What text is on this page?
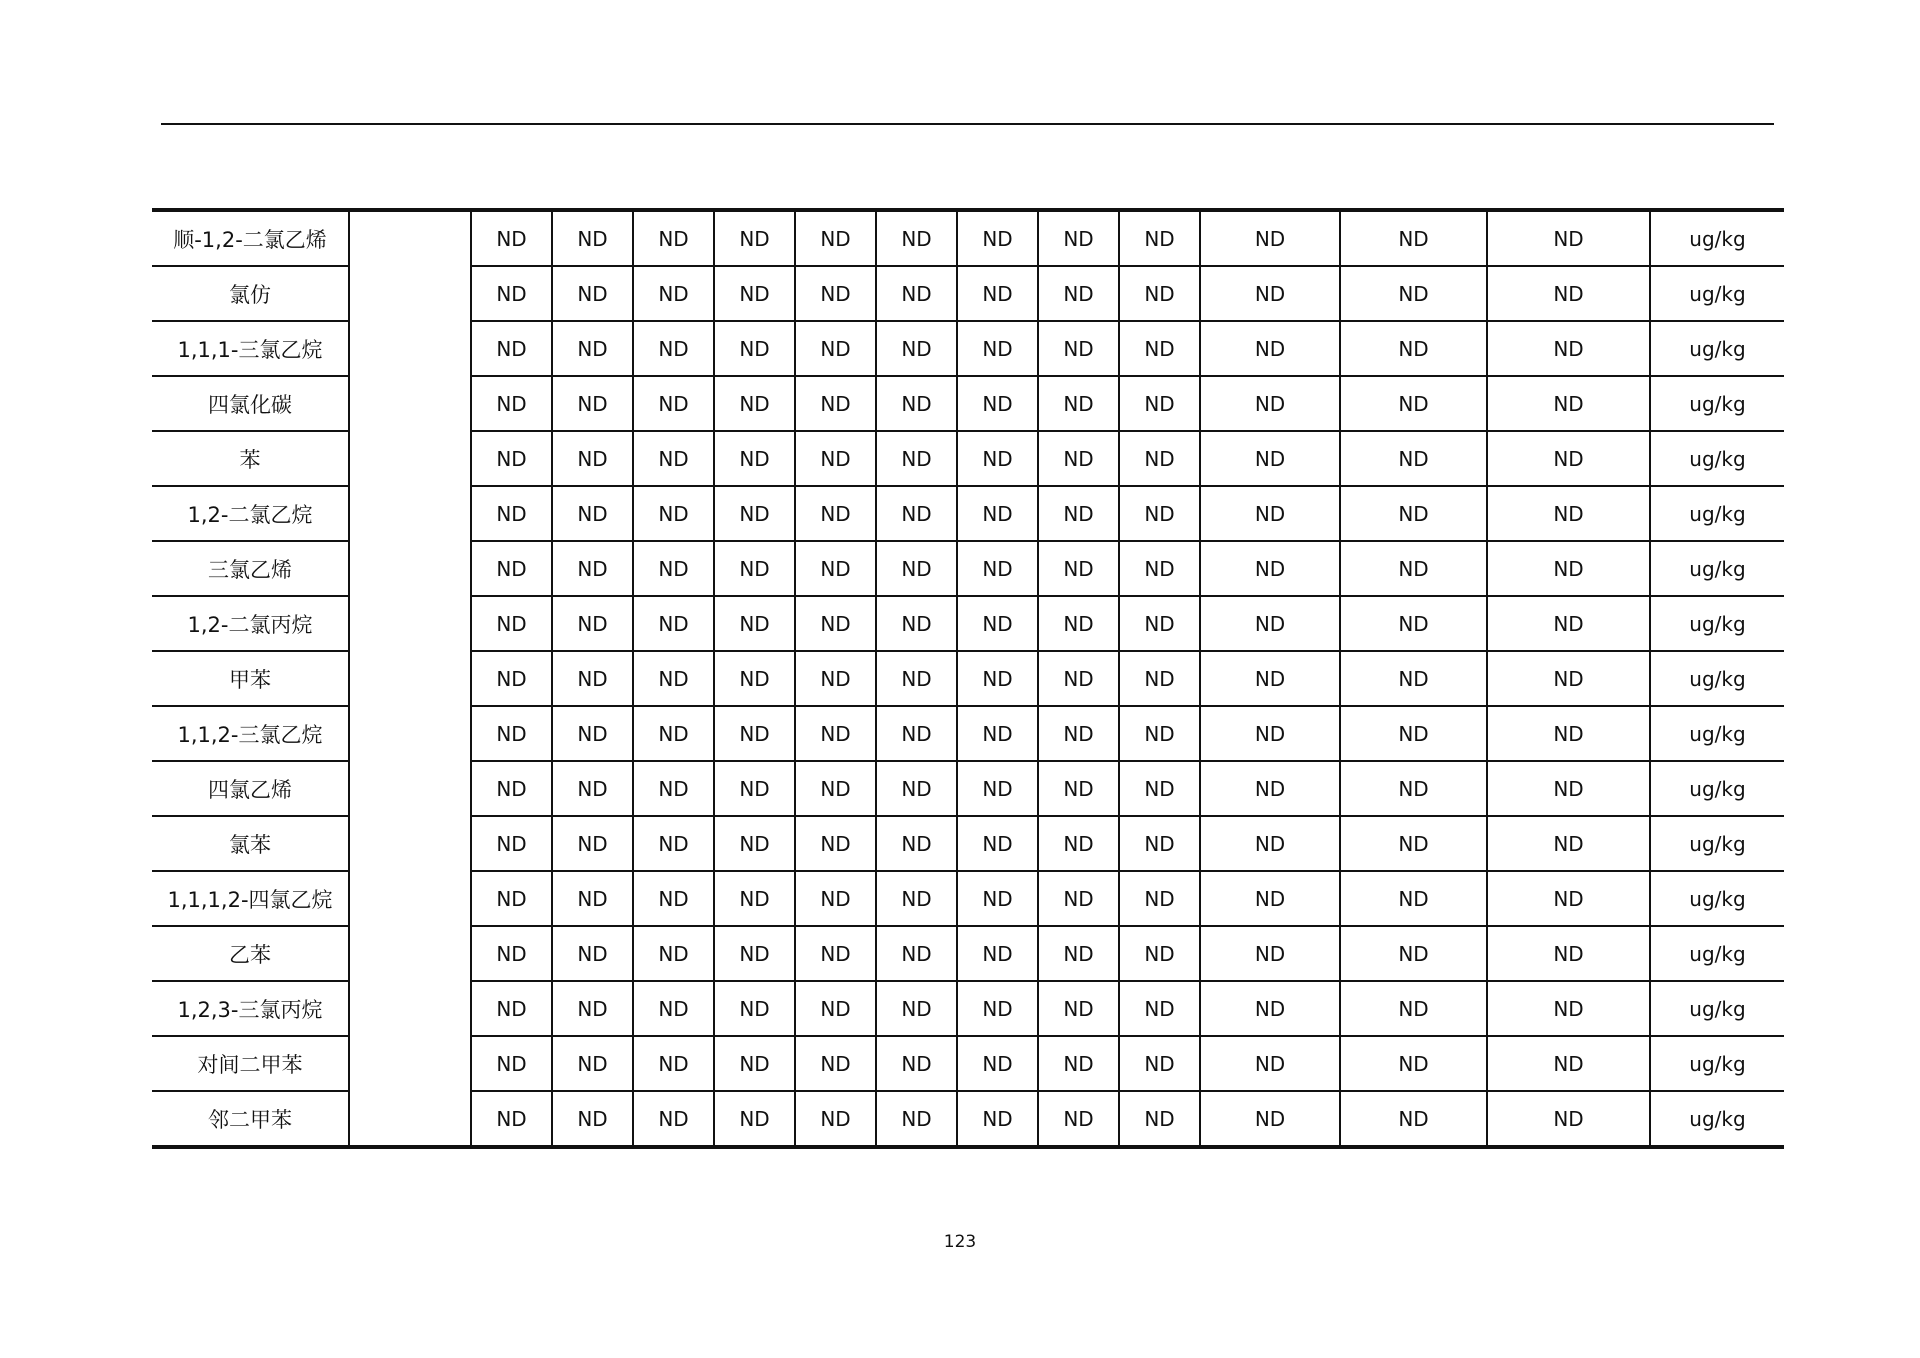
顺-1,2-二氯乙烯		ND	ND	ND	ND	ND	ND	ND	ND	ND	ND	ND	ND	ug/kg
氯仿		ND	ND	ND	ND	ND	ND	ND	ND	ND	ND	ND	ND	ug/kg
1,1,1-三氯乙烷		ND	ND	ND	ND	ND	ND	ND	ND	ND	ND	ND	ND	ug/kg
四氯化碳		ND	ND	ND	ND	ND	ND	ND	ND	ND	ND	ND	ND	ug/kg
苯		ND	ND	ND	ND	ND	ND	ND	ND	ND	ND	ND	ND	ug/kg
1,2-二氯乙烷		ND	ND	ND	ND	ND	ND	ND	ND	ND	ND	ND	ND	ug/kg
三氯乙烯		ND	ND	ND	ND	ND	ND	ND	ND	ND	ND	ND	ND	ug/kg
1,2-二氯丙烷		ND	ND	ND	ND	ND	ND	ND	ND	ND	ND	ND	ND	ug/kg
甲苯		ND	ND	ND	ND	ND	ND	ND	ND	ND	ND	ND	ND	ug/kg
1,1,2-三氯乙烷		ND	ND	ND	ND	ND	ND	ND	ND	ND	ND	ND	ND	ug/kg
四氯乙烯		ND	ND	ND	ND	ND	ND	ND	ND	ND	ND	ND	ND	ug/kg
氯苯		ND	ND	ND	ND	ND	ND	ND	ND	ND	ND	ND	ND	ug/kg
1,1,1,2-四氯乙烷		ND	ND	ND	ND	ND	ND	ND	ND	ND	ND	ND	ND	ug/kg
乙苯		ND	ND	ND	ND	ND	ND	ND	ND	ND	ND	ND	ND	ug/kg
1,2,3-三氯丙烷		ND	ND	ND	ND	ND	ND	ND	ND	ND	ND	ND	ND	ug/kg
对间二甲苯		ND	ND	ND	ND	ND	ND	ND	ND	ND	ND	ND	ND	ug/kg
邻二甲苯		ND	ND	ND	ND	ND	ND	ND	ND	ND	ND	ND	ND	ug/kg
123
